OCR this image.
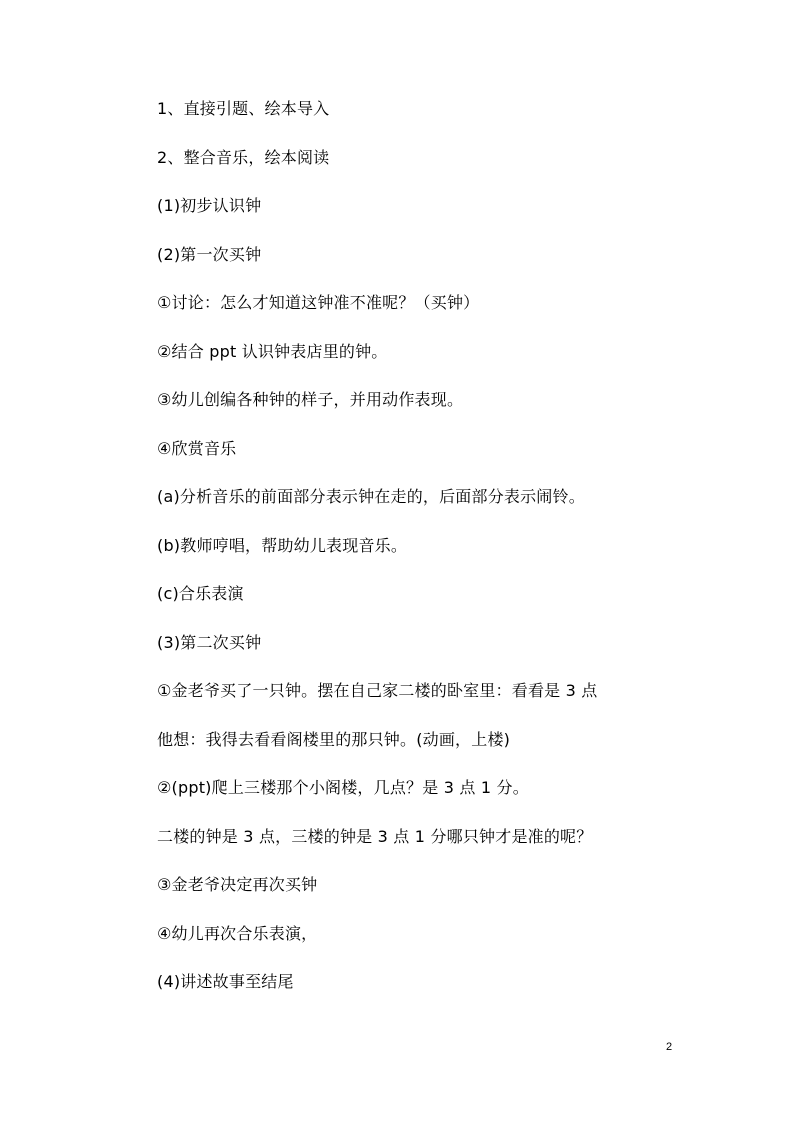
1、直接引题、绘本导入
2、整合音乐，绘本阅读
(1)初步认识钟
(2)第一次买钟
①讨论：怎么才知道这钟准不准呢？（买钟）
②结合 ppt 认识钟表店里的钟。
③幼儿创编各种钟的样子，并用动作表现。
④欣赏音乐
(a)分析音乐的前面部分表示钟在走的，后面部分表示闹铃。
(b)教师哼唱，帮助幼儿表现音乐。
(c)合乐表演
(3)第二次买钟
①金老爷买了一只钟。摆在自己家二楼的卧室里：看看是 3 点
他想：我得去看看阁楼里的那只钟。(动画，上楼)
②(ppt)爬上三楼那个小阁楼，几点？是 3 点 1 分。
二楼的钟是 3 点，三楼的钟是 3 点 1 分哪只钟才是准的呢？
③金老爷决定再次买钟
④幼儿再次合乐表演，
(4)讲述故事至结尾
2
